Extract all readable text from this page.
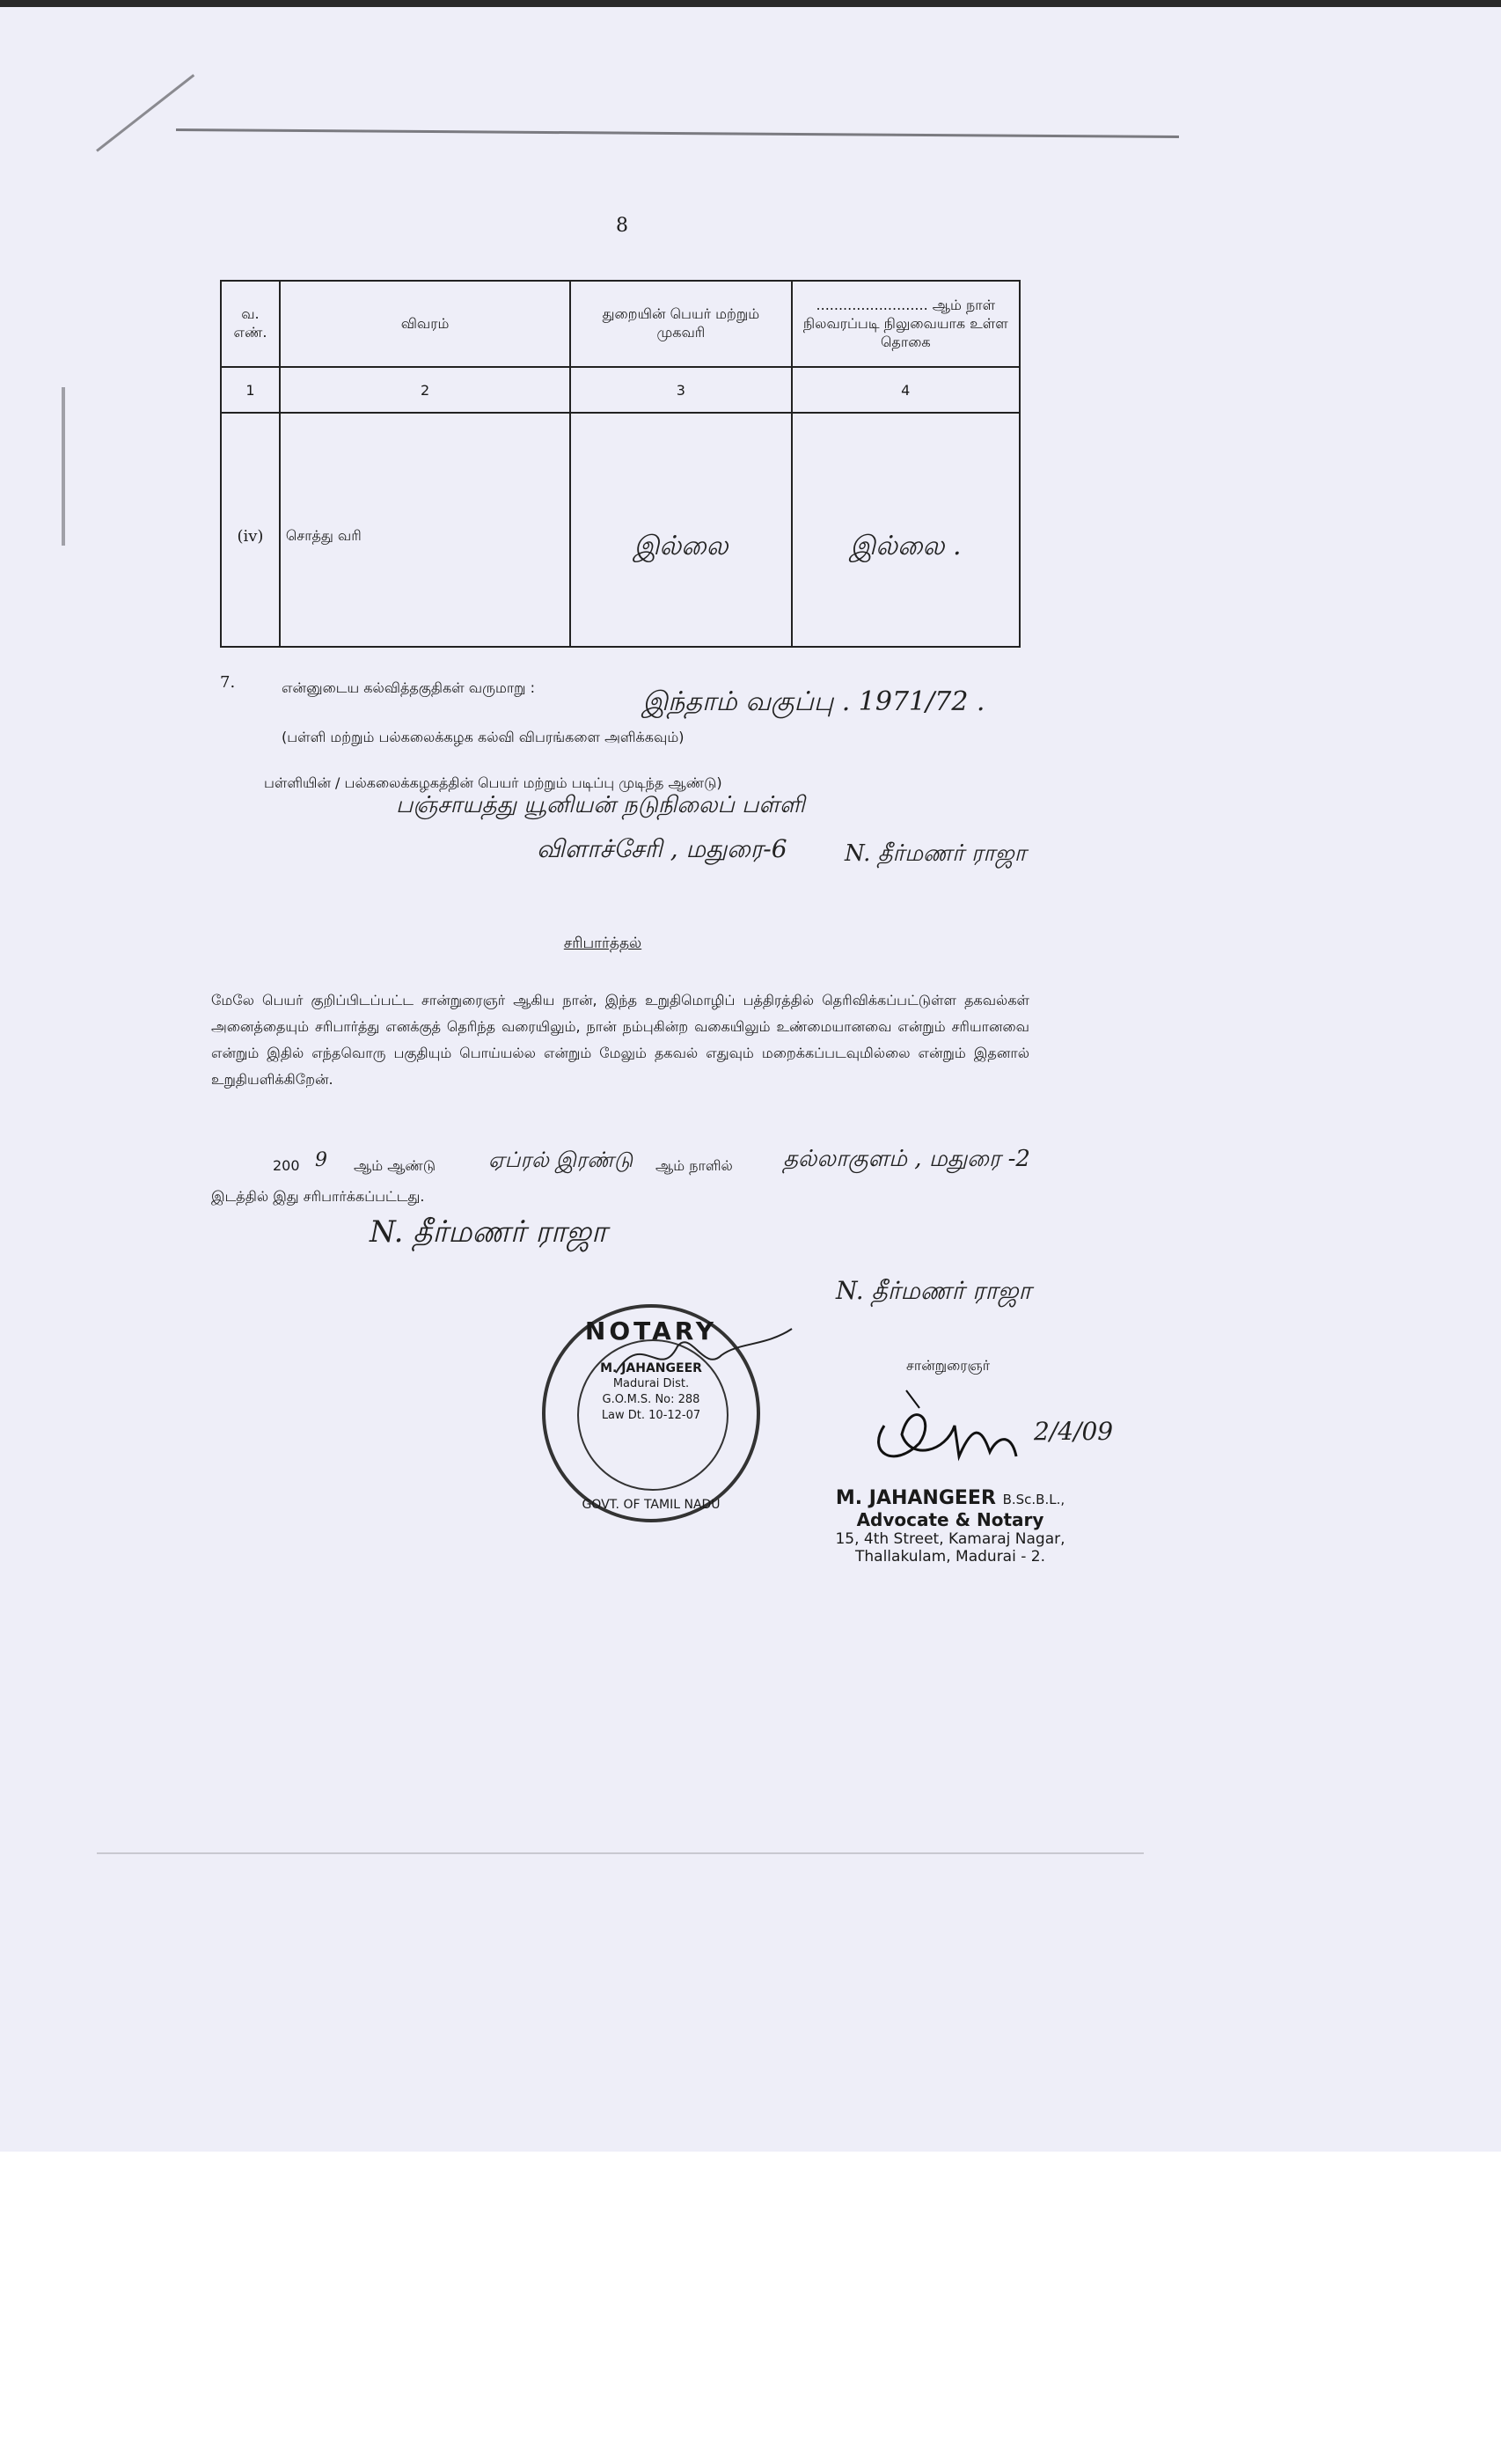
8
வ. எண்.	விவரம்	துறையின் பெயர் மற்றும் முகவரி	......................... ஆம் நாள் நிலவரப்படி நிலுவையாக உள்ள தொகை
1	2	3	4

(iv)	சொத்து வரி	இல்லை	இல்லை .
7.	என்னுடைய கல்வித்தகுதிகள் வருமாறு :	இந்தாம் வகுப்பு . 1971/72 .
(பள்ளி மற்றும் பல்கலைக்கழக கல்வி விபரங்களை அளிக்கவும்)
பள்ளியின் / பல்கலைக்கழகத்தின் பெயர் மற்றும் படிப்பு முடிந்த ஆண்டு)
பஞ்சாயத்து யூனியன் நடுநிலைப் பள்ளி
விளாச்சேரி , மதுரை-6	N. தீர்மணர் ராஜா
சரிபார்த்தல்
மேலே பெயர் குறிப்பிடப்பட்ட சான்றுரைஞர் ஆகிய நான், இந்த உறுதிமொழிப் பத்திரத்தில் தெரிவிக்கப்பட்டுள்ள தகவல்கள் அனைத்தையும் சரிபார்த்து எனக்குத் தெரிந்த வரையிலும், நான் நம்புகின்ற வகையிலும் உண்மையானவை என்றும் சரியானவை என்றும் இதில் எந்தவொரு பகுதியும் பொய்யல்ல என்றும் மேலும் தகவல் எதுவும் மறைக்கப்படவுமில்லை என்றும் இதனால் உறுதியளிக்கிறேன்.
200 9 ஆம் ஆண்டு ஏப்ரல் இரண்டு ஆம் நாளில் தல்லாகுளம் , மதுரை -2
இடத்தில் இது சரிபார்க்கப்பட்டது.
N. தீர்மணர் ராஜா
N. தீர்மணர் ராஜா
சான்றுரைஞர்
2/4/09
NOTARY
M. JAHANGEER
Madurai Dist.
G.O.M.S. No: 288
Law Dt. 10-12-07
GOVT. OF TAMIL NADU	M. JAHANGEER B.Sc.B.L.,
Advocate & Notary
15, 4th Street, Kamaraj Nagar,
Thallakulam, Madurai - 2.
